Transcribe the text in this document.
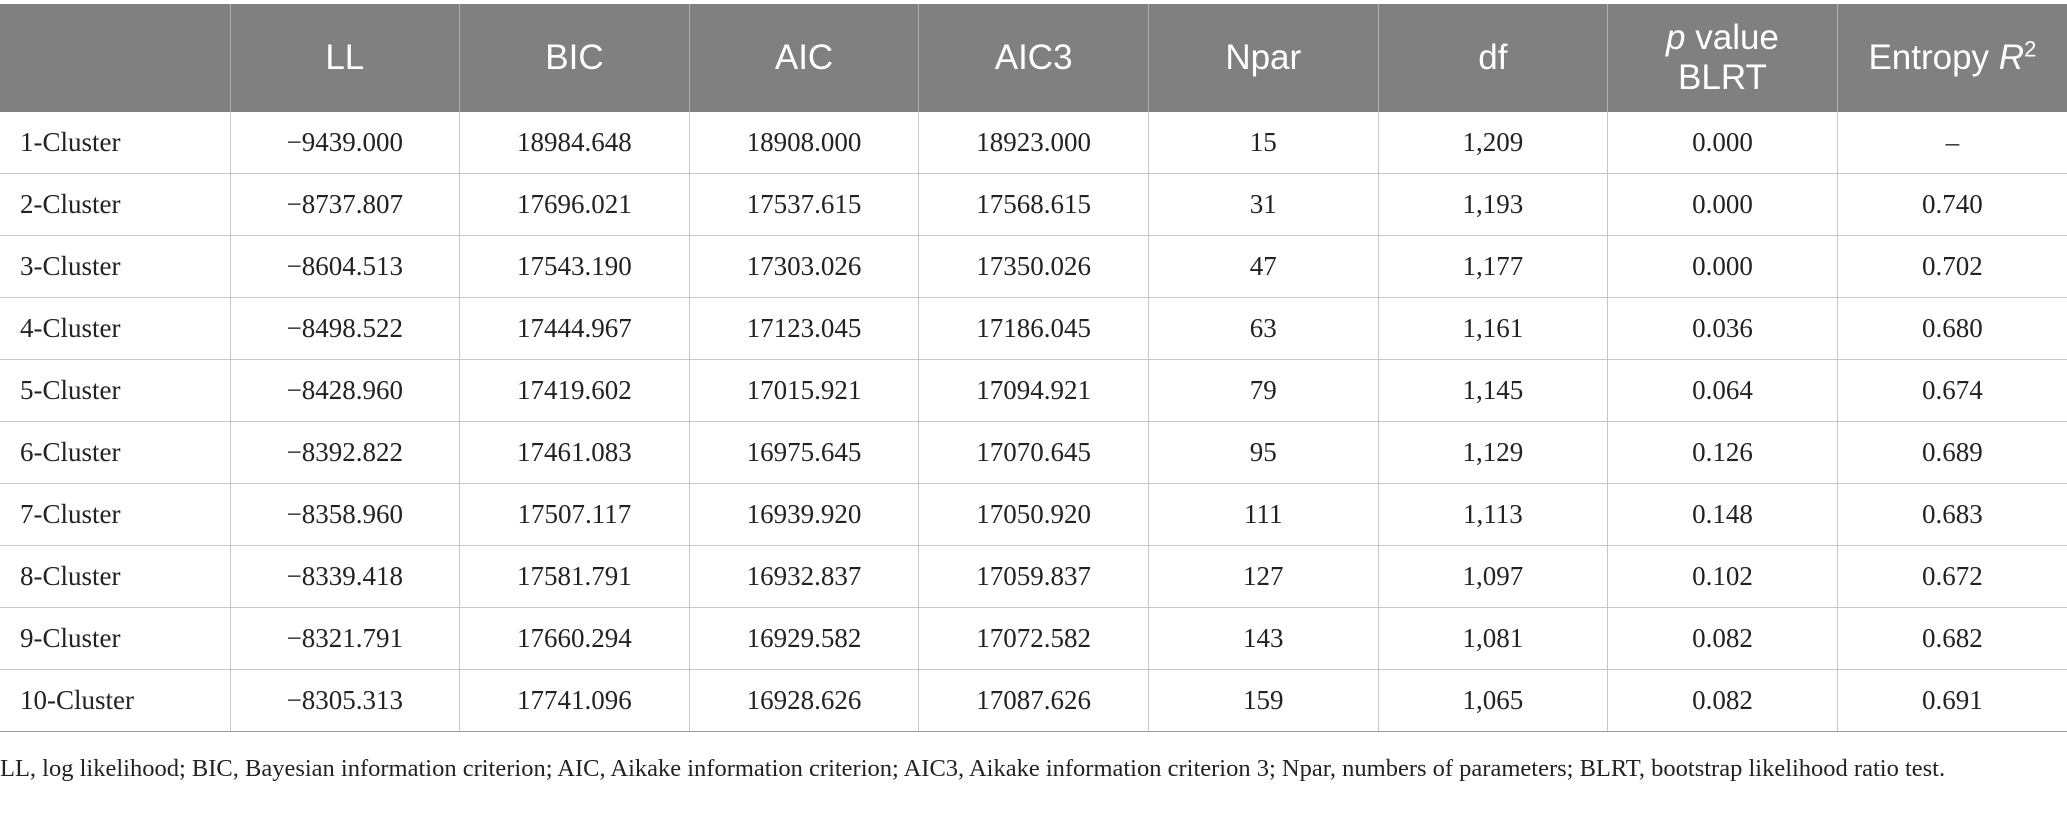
	LL	BIC	AIC	AIC3	Npar	df	p value BLRT	Entropy $R^2$
1-Cluster	−9439.000	18984.648	18908.000	18923.000	15	1,209	0.000	–
2-Cluster	−8737.807	17696.021	17537.615	17568.615	31	1,193	0.000	0.740
3-Cluster	−8604.513	17543.190	17303.026	17350.026	47	1,177	0.000	0.702
4-Cluster	−8498.522	17444.967	17123.045	17186.045	63	1,161	0.036	0.680
5-Cluster	−8428.960	17419.602	17015.921	17094.921	79	1,145	0.064	0.674
6-Cluster	−8392.822	17461.083	16975.645	17070.645	95	1,129	0.126	0.689
7-Cluster	−8358.960	17507.117	16939.920	17050.920	111	1,113	0.148	0.683
8-Cluster	−8339.418	17581.791	16932.837	17059.837	127	1,097	0.102	0.672
9-Cluster	−8321.791	17660.294	16929.582	17072.582	143	1,081	0.082	0.682
10-Cluster	−8305.313	17741.096	16928.626	17087.626	159	1,065	0.082	0.691
LL, log likelihood; BIC, Bayesian information criterion; AIC, Aikake information criterion; AIC3, Aikake information criterion 3; Npar, numbers of parameters; BLRT, bootstrap likelihood ratio test.
